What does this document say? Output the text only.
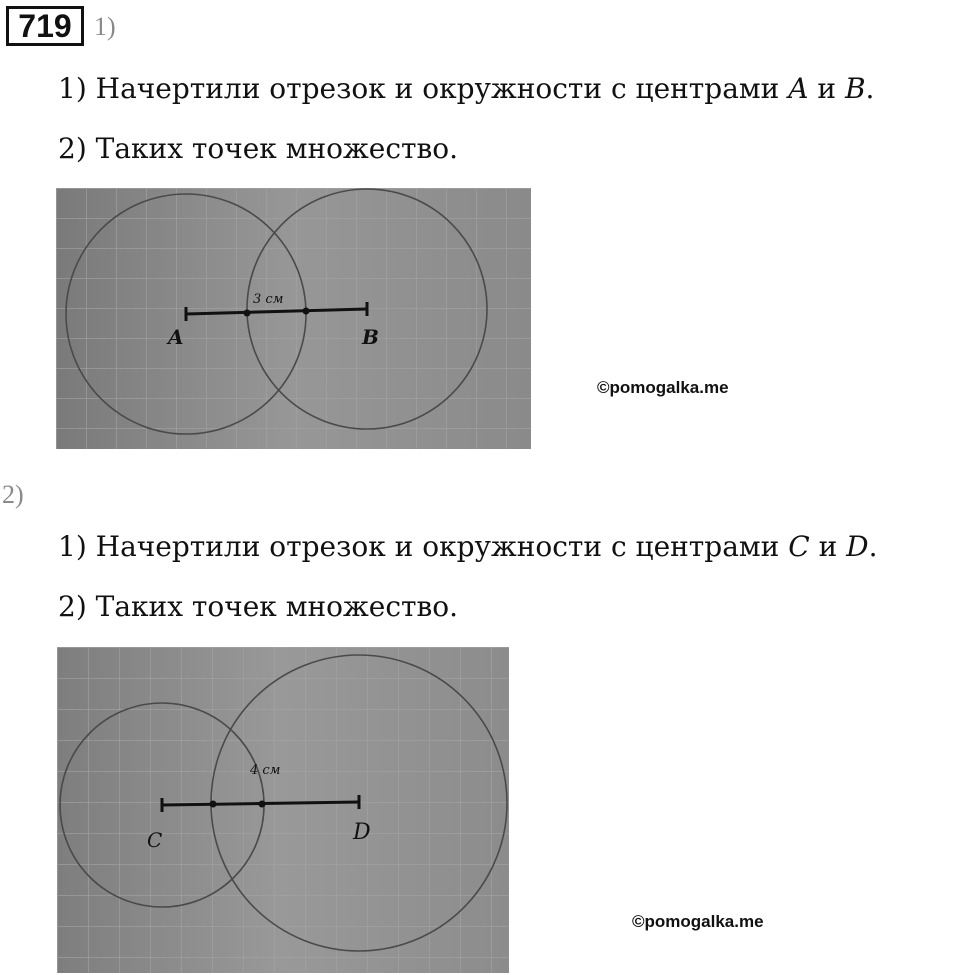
719 1)
1) Начертили отрезок и окружности с центрами A и B.
2) Таких точек множество.
3 см
A	B
©pomogalka.me
2)
1) Начертили отрезок и окружности с центрами C и D.
2) Таких точек множество.
4 см
C	D
©pomogalka.me
